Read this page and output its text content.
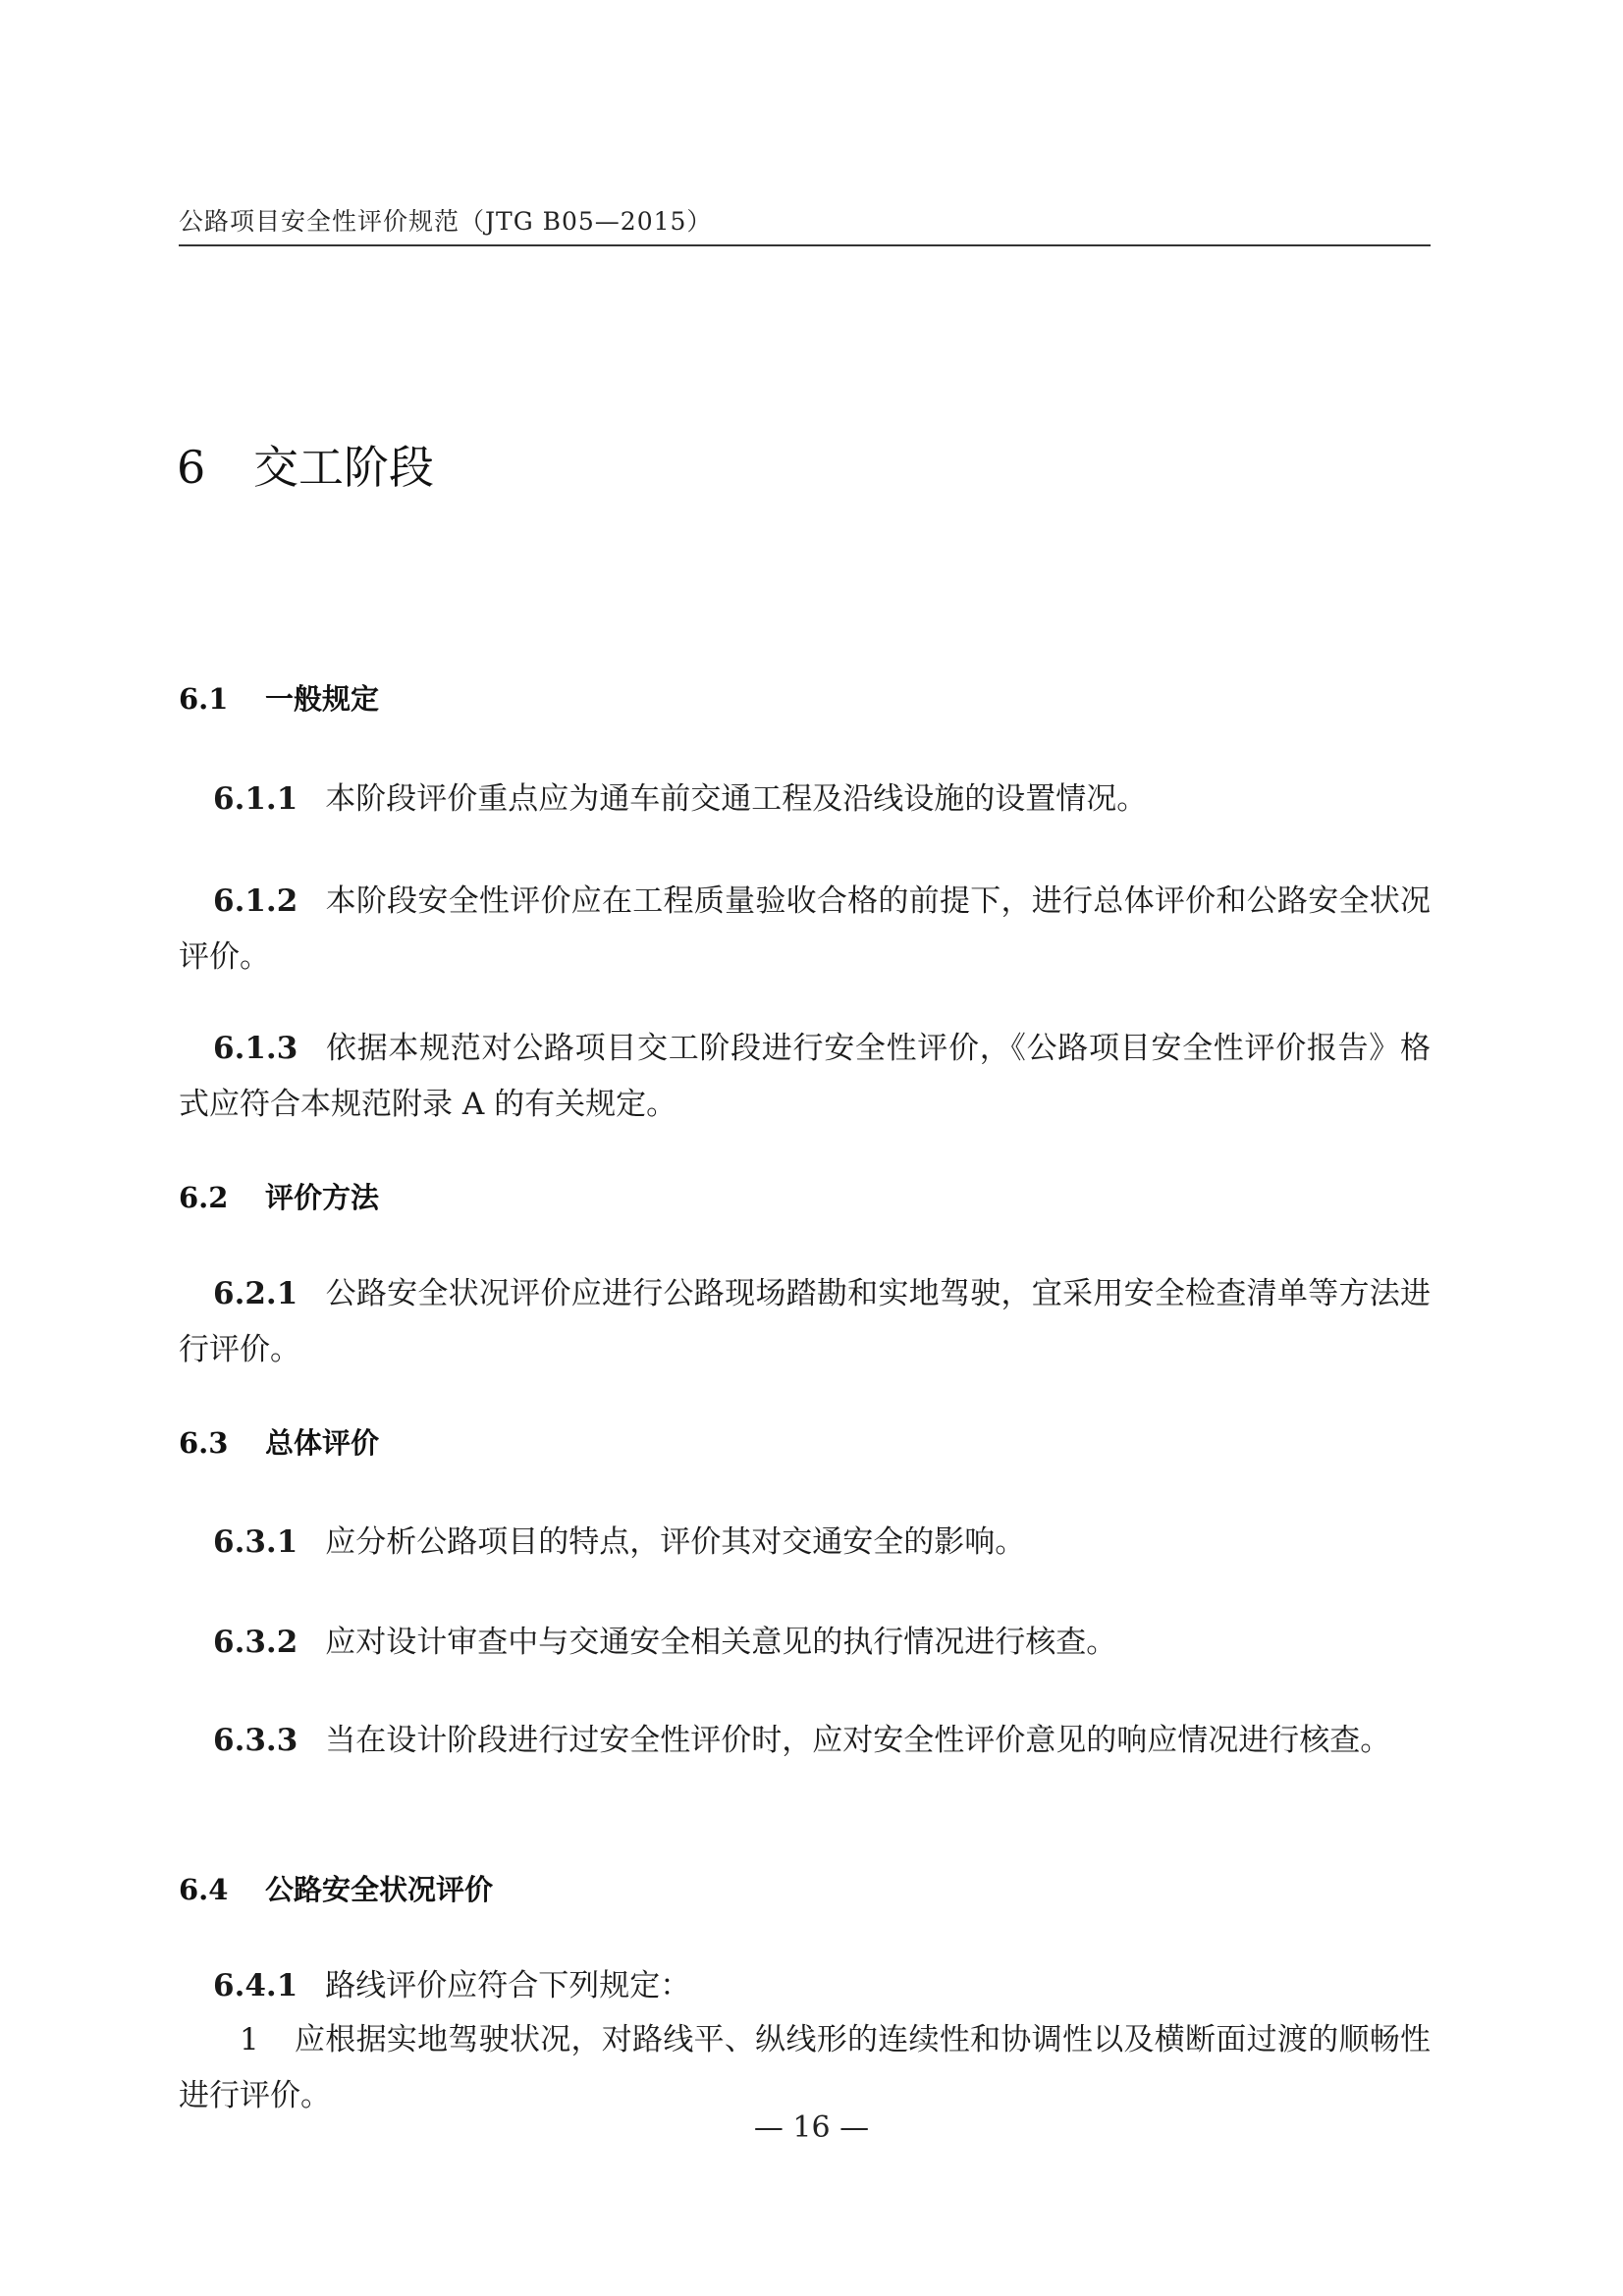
公路项目安全性评价规范（JTG B05—2015）
6 交工阶段
6.1 一般规定
6.1.1 本阶段评价重点应为通车前交通工程及沿线设施的设置情况。
6.1.2 本阶段安全性评价应在工程质量验收合格的前提下，进行总体评价和公路安全状况评价。
6.1.3 依据本规范对公路项目交工阶段进行安全性评价，《公路项目安全性评价报告》格式应符合本规范附录 A 的有关规定。
6.2 评价方法
6.2.1 公路安全状况评价应进行公路现场踏勘和实地驾驶，宜采用安全检查清单等方法进行评价。
6.3 总体评价
6.3.1 应分析公路项目的特点，评价其对交通安全的影响。
6.3.2 应对设计审查中与交通安全相关意见的执行情况进行核查。
6.3.3 当在设计阶段进行过安全性评价时，应对安全性评价意见的响应情况进行核查。
6.4 公路安全状况评价
6.4.1 路线评价应符合下列规定：
1 应根据实地驾驶状况，对路线平、纵线形的连续性和协调性以及横断面过渡的顺畅性进行评价。
— 16 —
